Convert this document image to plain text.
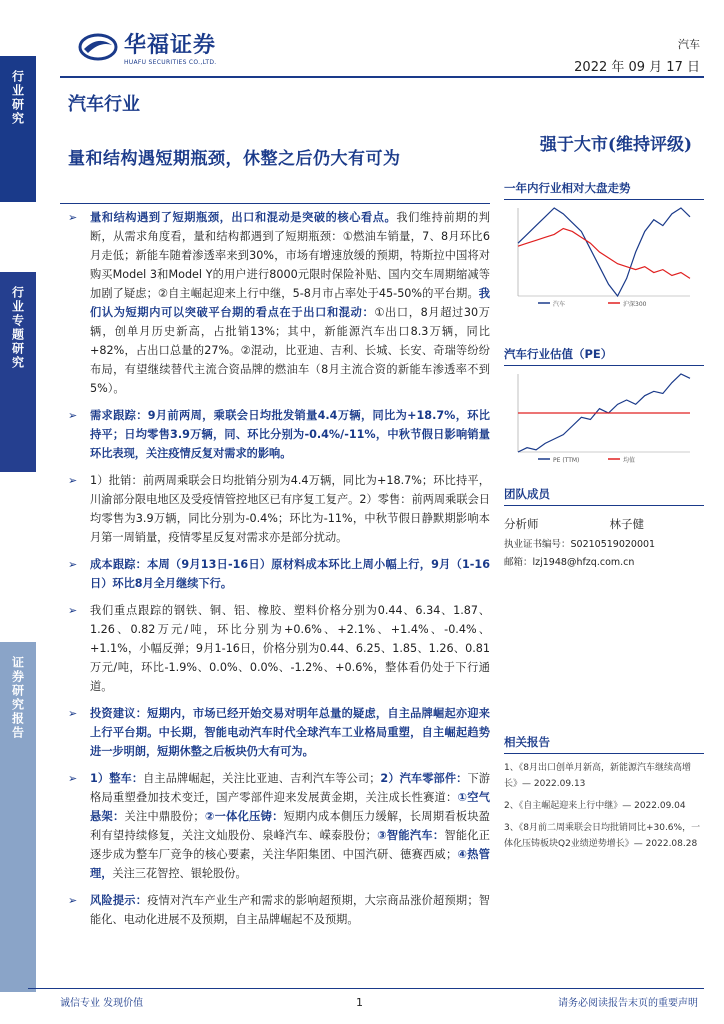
行业研究
行业专题研究
证券研究报告
华福证券
HUAFU SECURITIES CO.,LTD.
汽车
2022 年 09 月 17 日
汽车行业
强于大市(维持评级)
量和结构遇短期瓶颈，休整之后仍大有可为
➢ 量和结构遇到了短期瓶颈，出口和混动是突破的核心看点。我们维持前期的判断，从需求角度看，量和结构都遇到了短期瓶颈：①燃油车销量，7、8月环比6月走低；新能车随着渗透率来到30%，市场有增速放缓的预期，特斯拉中国将对购买Model 3和Model Y的用户进行8000元限时保险补贴、国内交车周期缩减等加剧了疑虑；②自主崛起迎来上行中继，5-8月市占率处于45-50%的平台期。我们认为短期内可以突破平台期的看点在于出口和混动：①出口，8月超过30万辆，创单月历史新高，占批销13%；其中，新能源汽车出口8.3万辆，同比+82%，占出口总量的27%。②混动，比亚迪、吉利、长城、长安、奇瑞等纷纷布局，有望继续替代主流合资品牌的燃油车（8月主流合资的新能车渗透率不到5%）。
➢ 需求跟踪：9月前两周，乘联会日均批发销量4.4万辆，同比为+18.7%，环比持平；日均零售3.9万辆，同、环比分别为-0.4%/-11%，中秋节假日影响销量环比表现，关注疫情反复对需求的影响。
➢ 1）批销：前两周乘联会日均批销分别为4.4万辆，同比为+18.7%；环比持平，川渝部分限电地区及受疫情管控地区已有序复工复产。2）零售：前两周乘联会日均零售为3.9万辆，同比分别为-0.4%；环比为-11%，中秋节假日静默期影响本月第一周销量，疫情零星反复对需求亦是部分扰动。
➢ 成本跟踪：本周（9月13日-16日）原材料成本环比上周小幅上行，9月（1-16日）环比8月全月继续下行。
➢ 我们重点跟踪的钢铁、铜、铝、橡胶、塑料价格分别为0.44、6.34、1.87、1.26、0.82万元/吨，环比分别为+0.6%、+2.1%、+1.4%、-0.4%、+1.1%，小幅反弹；9月1-16日，价格分别为0.44、6.25、1.85、1.26、0.81万元/吨，环比-1.9%、0.0%、0.0%、-1.2%、+0.6%，整体看仍处于下行通道。
➢ 投资建议：短期内，市场已经开始交易对明年总量的疑虑，自主品牌崛起亦迎来上行平台期。中长期，智能电动汽车时代全球汽车工业格局重塑，自主崛起趋势进一步明朗，短期休整之后板块仍大有可为。
➢ 1）整车：自主品牌崛起，关注比亚迪、吉利汽车等公司；2）汽车零部件：下游格局重塑叠加技术变迁，国产零部件迎来发展黄金期，关注成长性赛道：①空气悬架：关注中鼎股份；②一体化压铸：短期内成本側压力缓解，长周期看板块盈利有望持续修复，关注文灿股份、泉峰汽车、嵘泰股份；③智能汽车：智能化正逐步成为整车厂竞争的核心要素，关注华阳集团、中国汽研、德赛西威；④热管理，关注三花智控、银轮股份。
➢ 风险提示：疫情对汽车产业生产和需求的影响超预期，大宗商品涨价超预期；智能化、电动化进展不及预期，自主品牌崛起不及预期。
一年内行业相对大盘走势
汽车	沪深300
汽车行业估值（PE）
PE (TTM)	均值
团队成员
分析师	林子健
执业证书编号：S0210519020001
邮箱：lzj1948@hfzq.com.cn
相关报告
1、《8月出口创单月新高，新能源汽车继续高增长》— 2022.09.13
2、《自主崛起迎来上行中继》— 2022.09.04
3、《8月前二周乘联会日均批销同比+30.6%，一体化压铸板块Q2业绩逆势增长》— 2022.08.28
诚信专业 发现价值	1	请务必阅读报告末页的重要声明
